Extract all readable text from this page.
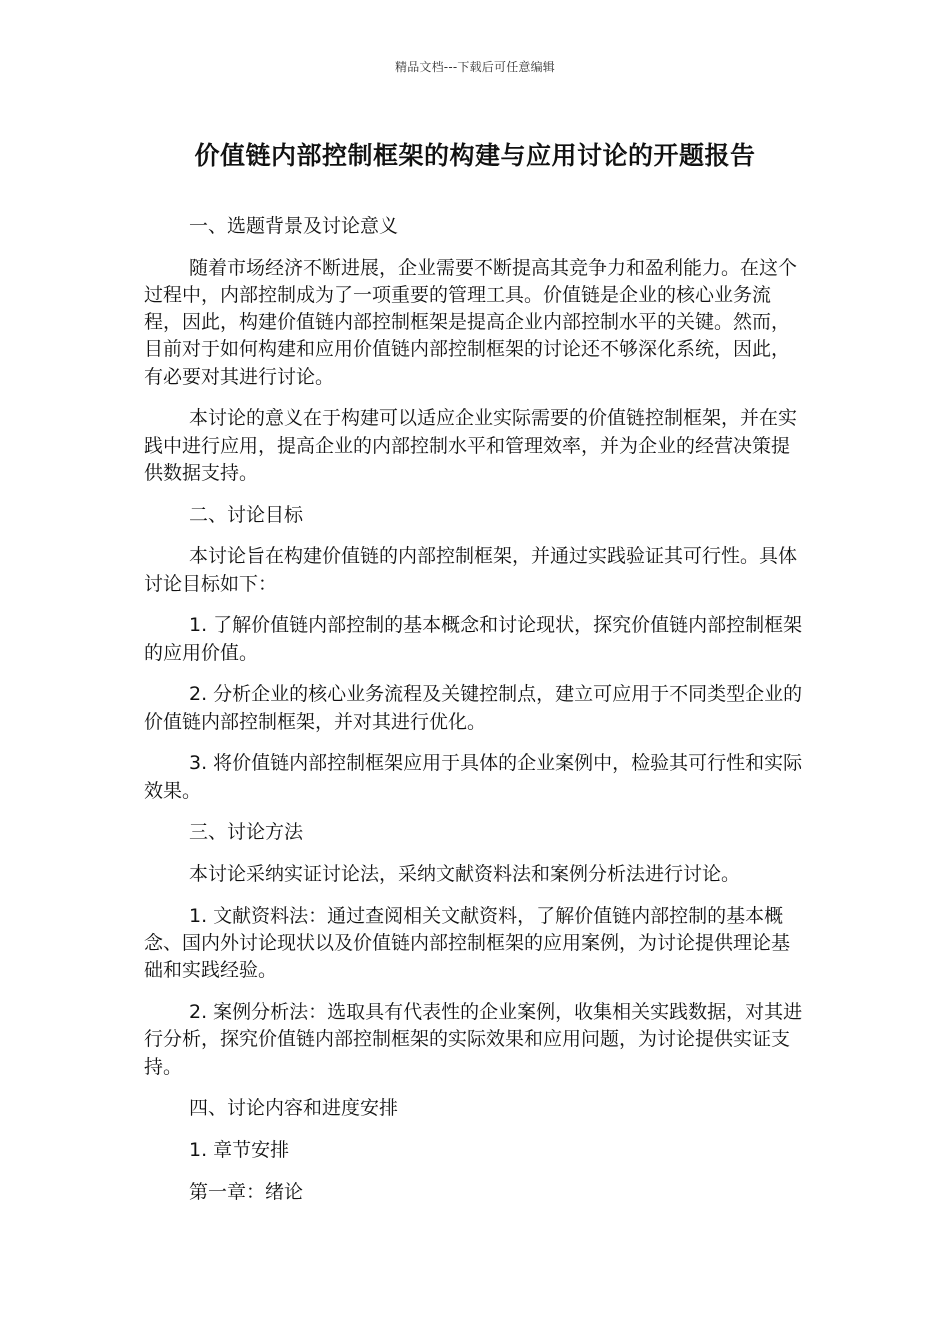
精品文档---下载后可任意编辑
价值链内部控制框架的构建与应用讨论的开题报告

一、选题背景及讨论意义

随着市场经济不断进展，企业需要不断提高其竞争力和盈利能力。在这个过程中，内部控制成为了一项重要的管理工具。价值链是企业的核心业务流程，因此，构建价值链内部控制框架是提高企业内部控制水平的关键。然而，目前对于如何构建和应用价值链内部控制框架的讨论还不够深化系统，因此，有必要对其进行讨论。

本讨论的意义在于构建可以适应企业实际需要的价值链控制框架，并在实践中进行应用，提高企业的内部控制水平和管理效率，并为企业的经营决策提供数据支持。

二、讨论目标

本讨论旨在构建价值链的内部控制框架，并通过实践验证其可行性。具体讨论目标如下：

1. 了解价值链内部控制的基本概念和讨论现状，探究价值链内部控制框架的应用价值。

2. 分析企业的核心业务流程及关键控制点，建立可应用于不同类型企业的价值链内部控制框架，并对其进行优化。

3. 将价值链内部控制框架应用于具体的企业案例中，检验其可行性和实际效果。

三、讨论方法

本讨论采纳实证讨论法，采纳文献资料法和案例分析法进行讨论。

1. 文献资料法：通过查阅相关文献资料，了解价值链内部控制的基本概念、国内外讨论现状以及价值链内部控制框架的应用案例，为讨论提供理论基础和实践经验。

2. 案例分析法：选取具有代表性的企业案例，收集相关实践数据，对其进行分析，探究价值链内部控制框架的实际效果和应用问题，为讨论提供实证支持。

四、讨论内容和进度安排

1. 章节安排

第一章：绪论
